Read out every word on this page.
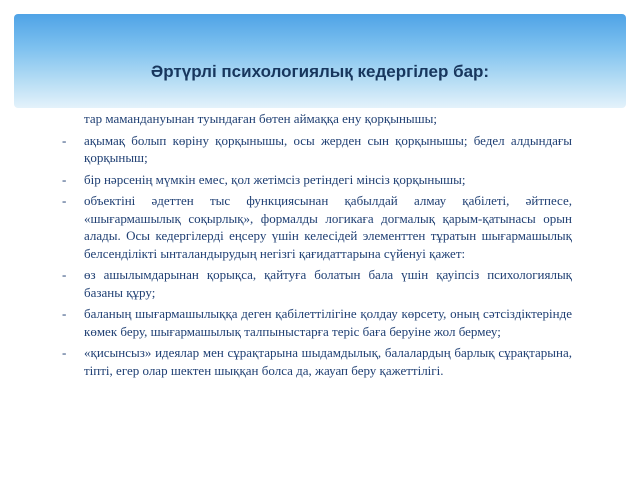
Әртүрлі психологиялық кедергілер бар:
тар мамандануынан туындаған бөтен аймаққа ену қорқынышы;
-	ақымақ болып көріну қорқынышы, осы жерден сын қорқынышы; бедел алдындағы қорқыныш;
-	бір нәрсенің мүмкін емес, қол жетімсіз ретіндегі мінсіз қорқынышы;
-	объектіні әдеттен тыс функциясынан қабылдай алмау қабілеті, әйтпесе, «шығармашылық соқырлық», формалды логикаға догмалық қарым-қатынасы орын алады. Осы кедергілерді еңсеру үшін келесідей элементтен тұратын шығармашылық белсенділікті ынталандырудың негізгі қағидаттарына сүйенуі қажет:
-	өз ашылымдарынан қорықса, қайтуға болатын бала үшін қауіпсіз психологиялық базаны құру;
-	баланың шығармашылыққа деген қабілеттілігіне қолдау көрсету, оның сәтсіздіктерінде көмек беру, шығармашылық талпыныстарға теріс баға беруіне жол бермеу;
-	«қисынсыз» идеялар мен сұрақтарына шыдамдылық, балалардың барлық сұрақтарына, тіпті, егер олар шектен шыққан болса да, жауап беру қажеттілігі.
